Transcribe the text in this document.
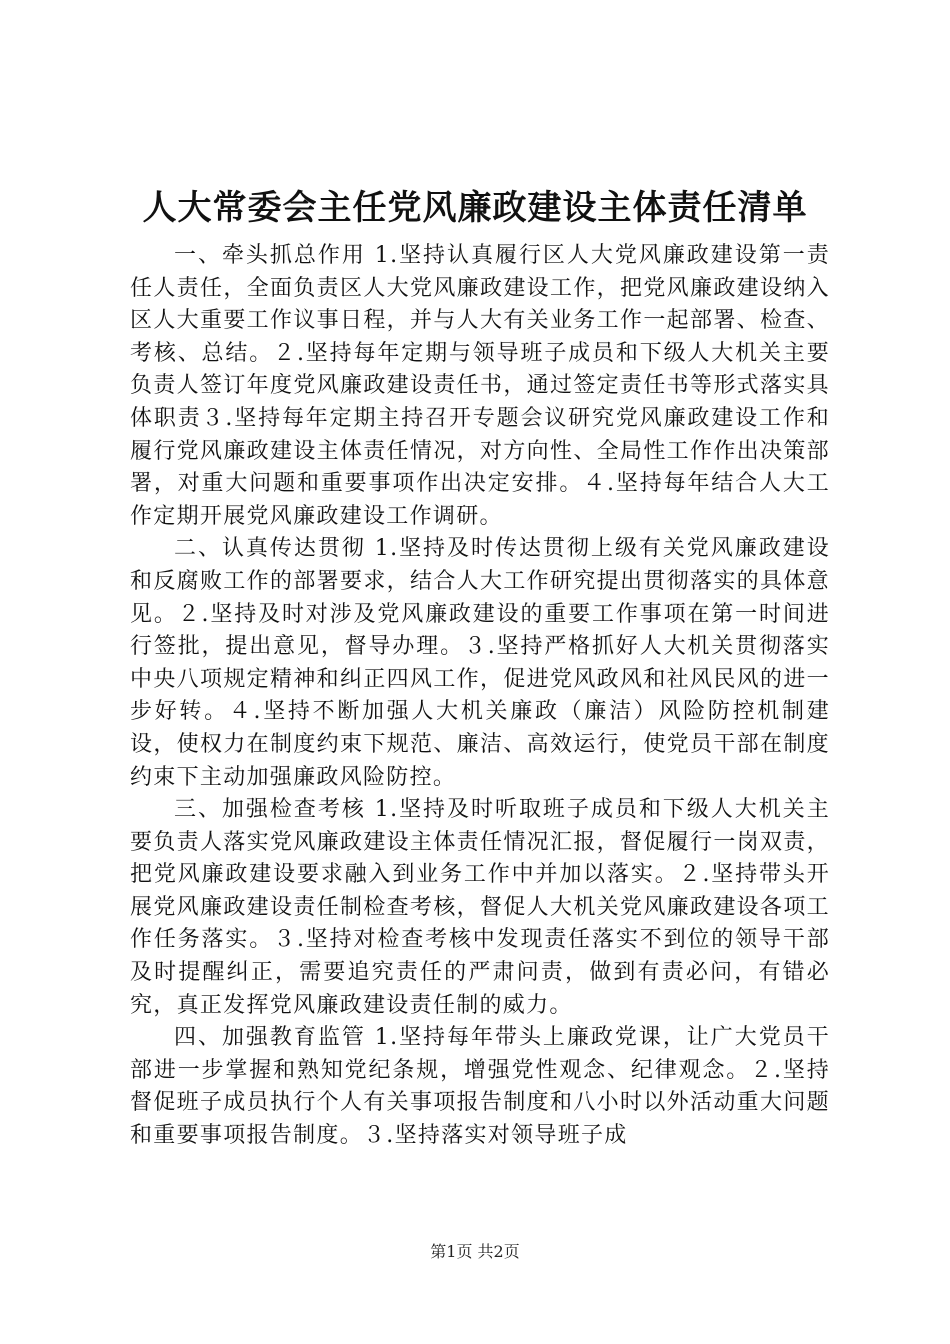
人大常委会主任党风廉政建设主体责任清单

一、牵头抓总作用 1.坚持认真履行区人大党风廉政建设第一责任人责任，全面负责区人大党风廉政建设工作，把党风廉政建设纳入区人大重要工作议事日程，并与人大有关业务工作一起部署、检查、考核、总结。２.坚持每年定期与领导班子成员和下级人大机关主要负责人签订年度党风廉政建设责任书，通过签定责任书等形式落实具体职责３.坚持每年定期主持召开专题会议研究党风廉政建设工作和履行党风廉政建设主体责任情况，对方向性、全局性工作作出决策部署，对重大问题和重要事项作出决定安排。４.坚持每年结合人大工作定期开展党风廉政建设工作调研。

二、认真传达贯彻 1.坚持及时传达贯彻上级有关党风廉政建设和反腐败工作的部署要求，结合人大工作研究提出贯彻落实的具体意见。２.坚持及时对涉及党风廉政建设的重要工作事项在第一时间进行签批，提出意见，督导办理。３.坚持严格抓好人大机关贯彻落实中央八项规定精神和纠正四风工作，促进党风政风和社风民风的进一步好转。４.坚持不断加强人大机关廉政（廉洁）风险防控机制建设，使权力在制度约束下规范、廉洁、高效运行，使党员干部在制度约束下主动加强廉政风险防控。

三、加强检查考核 1.坚持及时听取班子成员和下级人大机关主要负责人落实党风廉政建设主体责任情况汇报，督促履行一岗双责，把党风廉政建设要求融入到业务工作中并加以落实。２.坚持带头开展党风廉政建设责任制检查考核，督促人大机关党风廉政建设各项工作任务落实。３.坚持对检查考核中发现责任落实不到位的领导干部及时提醒纠正，需要追究责任的严肃问责，做到有责必问，有错必究，真正发挥党风廉政建设责任制的威力。

四、加强教育监管 1.坚持每年带头上廉政党课，让广大党员干部进一步掌握和熟知党纪条规，增强党性观念、纪律观念。２.坚持督促班子成员执行个人有关事项报告制度和八小时以外活动重大问题和重要事项报告制度。３.坚持落实对领导班子成

第1页 共2页
